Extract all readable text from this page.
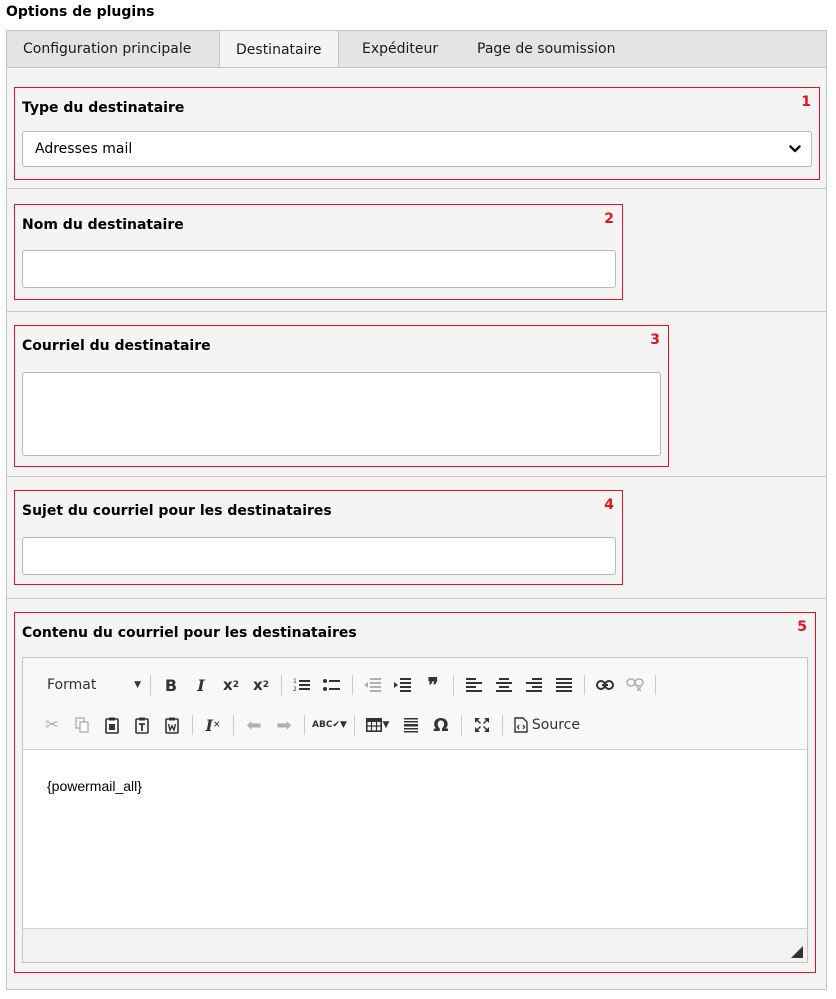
Options de plugins
Configuration principale	Destinataire	Expéditeur	Page de soumission
Type du destinataire	1
Adresses mail
Nom du destinataire	2
Courriel du destinataire	3
Sujet du courriel pour les destinataires	4
Contenu du courriel pour les destinataires	5
Format	▼	B	I	x 2 x 2	1
2	❞
✂	I ×	⬅ ➡	ABC✔ ▼	▼ Ω	Source
{powermail_all}
